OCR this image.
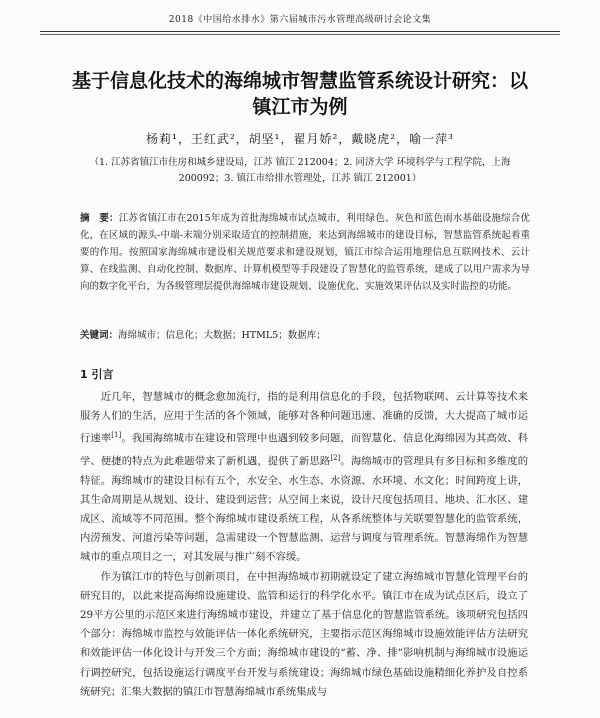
2018《中国给水排水》第六届城市污水管理高级研讨会论文集
基于信息化技术的海绵城市智慧监管系统设计研究：以镇江市为例
杨莉¹，王红武²，胡坚¹，翟月娇²，戴晓虎²，喻一萍³
（1. 江苏省镇江市住房和城乡建设局，江苏 镇江 212004；2. 同济大学 环境科学与工程学院，上海 200092；3. 镇江市给排水管理处，江苏 镇江 212001）
摘　要：江苏省镇江市在2015年成为首批海绵城市试点城市，利用绿色、灰色和蓝色雨水基础设施综合优化，在区域的源头-中端-末端分别采取适宜的控制措施，来达到海绵城市的建设目标，智慧监管系统起着重要的作用。按照国家海绵城市建设相关规范要求和建设规划，镇江市综合运用地理信息互联网技术、云计算、在线监测、自动化控制、数据库、计算机模型等手段建设了智慧化的监管系统，建成了以用户需求为导向的数字化平台，为各级管理层提供海绵城市建设规划、设施优化、实施效果评估以及实时监控的功能。
关键词：海绵城市；信息化；大数据；HTML5；数据库；
1 引言

近几年，智慧城市的概念愈加流行，指的是利用信息化的手段，包括物联网、云计算等技术来服务人们的生活，应用于生活的各个领域，能够对各种问题迅速、准确的反馈，大大提高了城市运行速率[1]。我国海绵城市在建设和管理中也遇到较多问题，而智慧化、信息化海绵因为其高效、科学、便捷的特点为此难题带来了新机遇，提供了新思路[2]。海绵城市的管理具有多目标和多维度的特征。海绵城市的建设目标有五个，水安全、水生态、水资源、水环境、水文化；时间跨度上讲，其生命周期是从规划、设计、建设到运营；从空间上来说，设计尺度包括项目、地块、汇水区、建成区、流域等不同范围。整个海绵城市建设系统工程，从各系统整体与关联要智慧化的监管系统，内涝预发、河道污染等问题，急需建设一个智慧监测、运营与调度与管理系统。智慧海绵作为智慧城市的重点项目之一，对其发展与推广刻不容缓。

作为镇江市的特色与创新项目，在中担海绵城市初期就设定了建立海绵城市智慧化管理平台的研究目的，以此来提高海绵设施建设、监管和运行的科学化水平。镇江市在成为试点区后，设立了29平方公里的示范区来进行海绵城市建设，并建立了基于信息化的智慧监管系统。该项研究包括四个部分：海绵城市监控与效能评估一体化系统研究，主要指示范区海绵城市设施效能评估方法研究和效能评估一体化设计与开发三个方面；海绵城市建设的“蓄、净、排”影响机制与海绵城市设施运行调控研究，包括设施运行调度平台开发与系统建设；海绵城市绿色基础设施精细化养护及自控系统研究；汇集大数据的镇江市智慧海绵城市系统集成与
